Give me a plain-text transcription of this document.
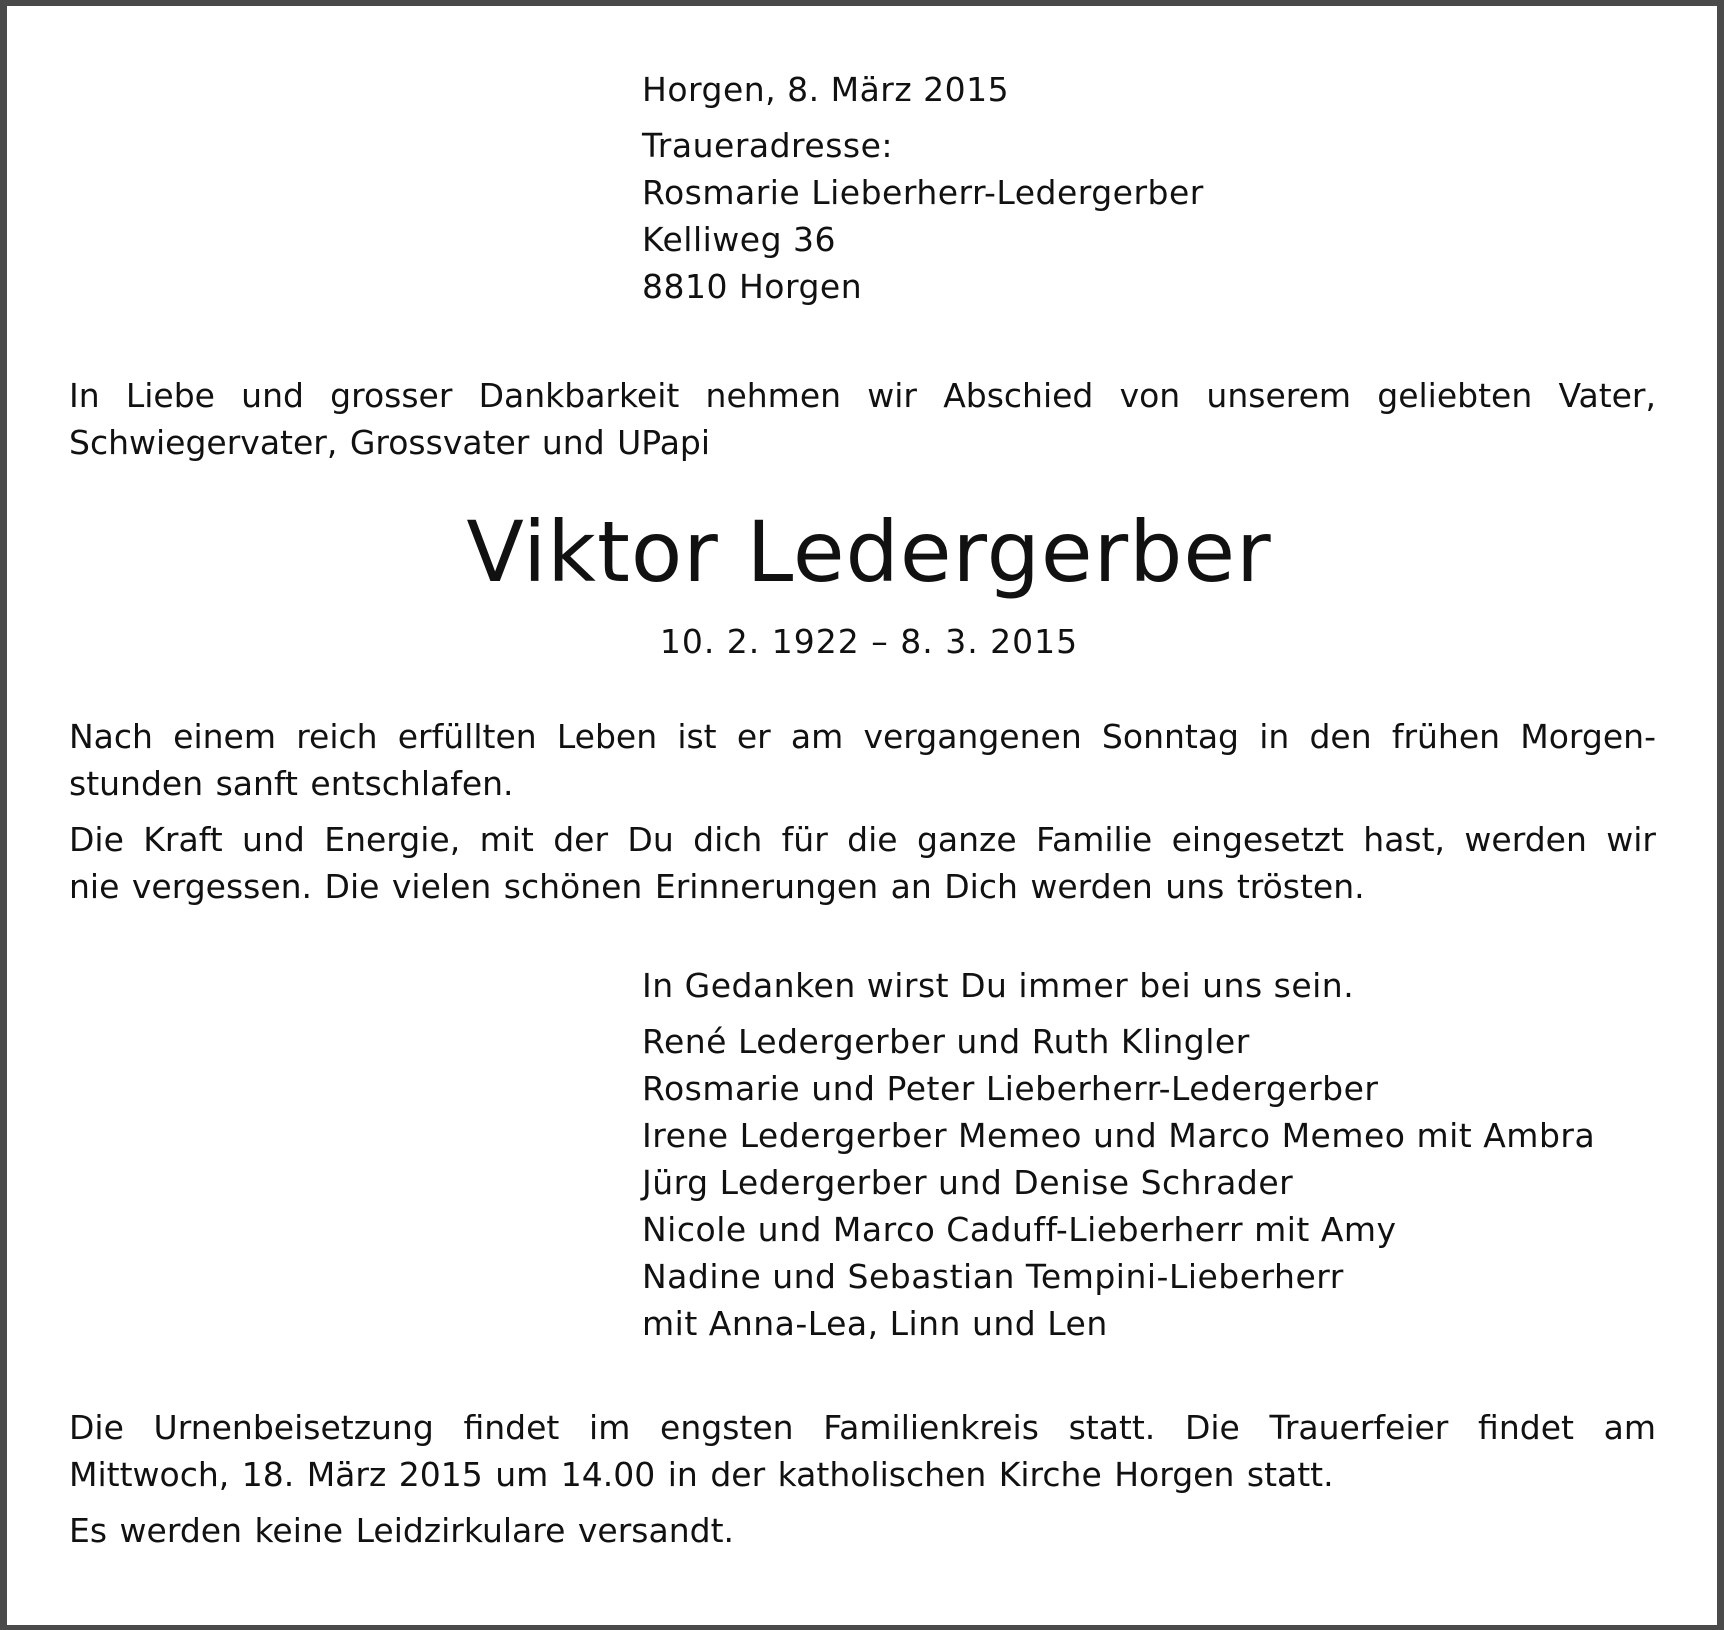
Horgen, 8. März 2015
Traueradresse:
Rosmarie Lieberherr-Ledergerber
Kelliweg 36
8810 Horgen
In Liebe und grosser Dankbarkeit nehmen wir Abschied von unserem geliebten Vater,
Schwiegervater, Grossvater und UPapi
Viktor Ledergerber
10. 2. 1922 – 8. 3. 2015
Nach einem reich erfüllten Leben ist er am vergangenen Sonntag in den frühen Morgen-
stunden sanft entschlafen.
Die Kraft und Energie, mit der Du dich für die ganze Familie eingesetzt hast, werden wir
nie vergessen. Die vielen schönen Erinnerungen an Dich werden uns trösten.
In Gedanken wirst Du immer bei uns sein.
René Ledergerber und Ruth Klingler
Rosmarie und Peter Lieberherr-Ledergerber
Irene Ledergerber Memeo und Marco Memeo mit Ambra
Jürg Ledergerber und Denise Schrader
Nicole und Marco Caduff-Lieberherr mit Amy
Nadine und Sebastian Tempini-Lieberherr
mit Anna-Lea, Linn und Len
Die Urnenbeisetzung findet im engsten Familienkreis statt. Die Trauerfeier findet am
Mittwoch, 18. März 2015 um 14.00 in der katholischen Kirche Horgen statt.
Es werden keine Leidzirkulare versandt.
